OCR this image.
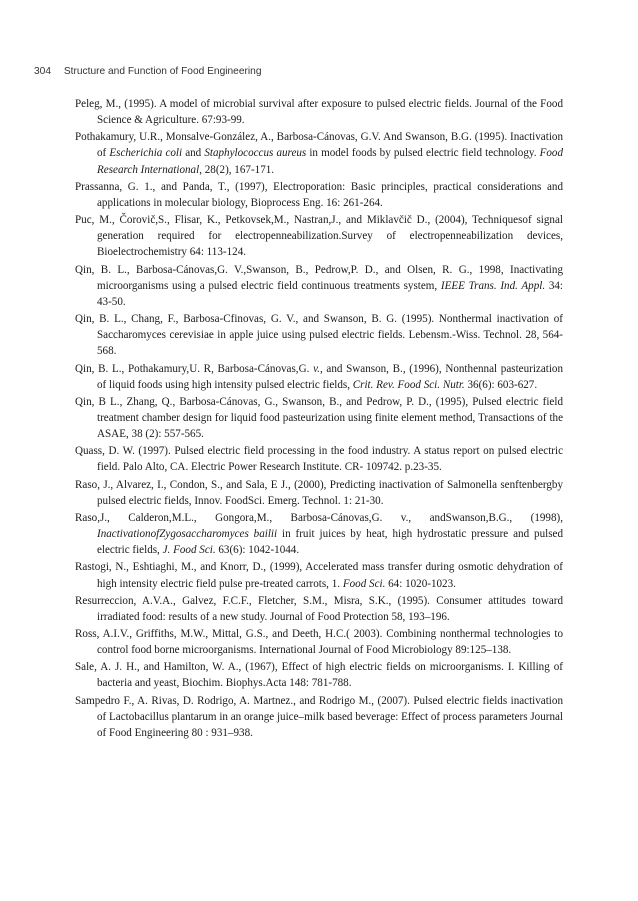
304 Structure and Function of Food Engineering

Peleg, M., (1995). A model of microbial survival after exposure to pulsed electric fields. Journal of the Food Science & Agriculture. 67:93-99.

Pothakamury, U.R., Monsalve-González, A., Barbosa-Cánovas, G.V. And Swanson, B.G. (1995). Inactivation of Escherichia coli and Staphylococcus aureus in model foods by pulsed electric field technology. Food Research International, 28(2), 167-171.

Prassanna, G. 1., and Panda, T., (1997), Electroporation: Basic principles, practical considerations and applications in molecular biology, Bioprocess Eng. 16: 261-264.

Puc, M., Čorovič,S., Flisar, K., Petkovsek,M., Nastran,J., and Miklavčič D., (2004), Techniquesof signal generation required for electropenneabilization.Survey of electropenneabilization devices, Bioelectrochemistry 64: 113-124.

Qin, B. L., Barbosa-Cánovas,G. V.,Swanson, B., Pedrow,P. D., and Olsen, R. G., 1998, Inactivating microorganisms using a pulsed electric field continuous treatments system, IEEE Trans. Ind. Appl. 34: 43-50.

Qin, B. L., Chang, F., Barbosa-Cfinovas, G. V., and Swanson, B. G. (1995). Nonthermal inactivation of Saccharomyces cerevisiae in apple juice using pulsed electric fields. Lebensm.-Wiss. Technol. 28, 564-568.

Qin, B. L., Pothakamury,U. R, Barbosa-Cánovas,G. v., and Swanson, B., (1996), Nonthennal pasteurization of liquid foods using high intensity pulsed electric fields, Crit. Rev. Food Sci. Nutr. 36(6): 603-627.

Qin, B L., Zhang, Q., Barbosa-Cánovas, G., Swanson, B., and Pedrow, P. D., (1995), Pulsed electric field treatment chamber design for liquid food pasteurization using finite element method, Transactions of the ASAE, 38 (2): 557-565.

Quass, D. W. (1997). Pulsed electric field processing in the food industry. A status report on pulsed electric field. Palo Alto, CA. Electric Power Research Institute. CR- 109742. p.23-35.

Raso, J., Alvarez, I., Condon, S., and Sala, E J., (2000), Predicting inactivation of Salmonella senftenbergby pulsed electric fields, Innov. FoodSci. Emerg. Technol. 1: 21-30.

Raso,J., Calderon,M.L., Gongora,M., Barbosa-Cánovas,G. v., andSwanson,B.G., (1998), InactivationofZygosaccharomyces bailii in fruit juices by heat, high hydrostatic pressure and pulsed electric fields, J. Food Sci. 63(6): 1042-1044.

Rastogi, N., Eshtiaghi, M., and Knorr, D., (1999), Accelerated mass transfer during osmotic dehydration of high intensity electric field pulse pre-treated carrots, 1. Food Sci. 64: 1020-1023.

Resurreccion, A.V.A., Galvez, F.C.F., Fletcher, S.M., Misra, S.K., (1995). Consumer attitudes toward irradiated food: results of a new study. Journal of Food Protection 58, 193–196.

Ross, A.I.V., Griffiths, M.W., Mittal, G.S., and Deeth, H.C.( 2003). Combining nonthermal technologies to control food borne microorganisms. International Journal of Food Microbiology 89:125–138.

Sale, A. J. H., and Hamilton, W. A., (1967), Effect of high electric fields on microorganisms. I. Killing of bacteria and yeast, Biochim. Biophys.Acta 148: 781-788.

Sampedro F., A. Rivas, D. Rodrigo, A. Martnez., and Rodrigo M., (2007). Pulsed electric fields inactivation of Lactobacillus plantarum in an orange juice–milk based beverage: Effect of process parameters Journal of Food Engineering 80 : 931–938.
